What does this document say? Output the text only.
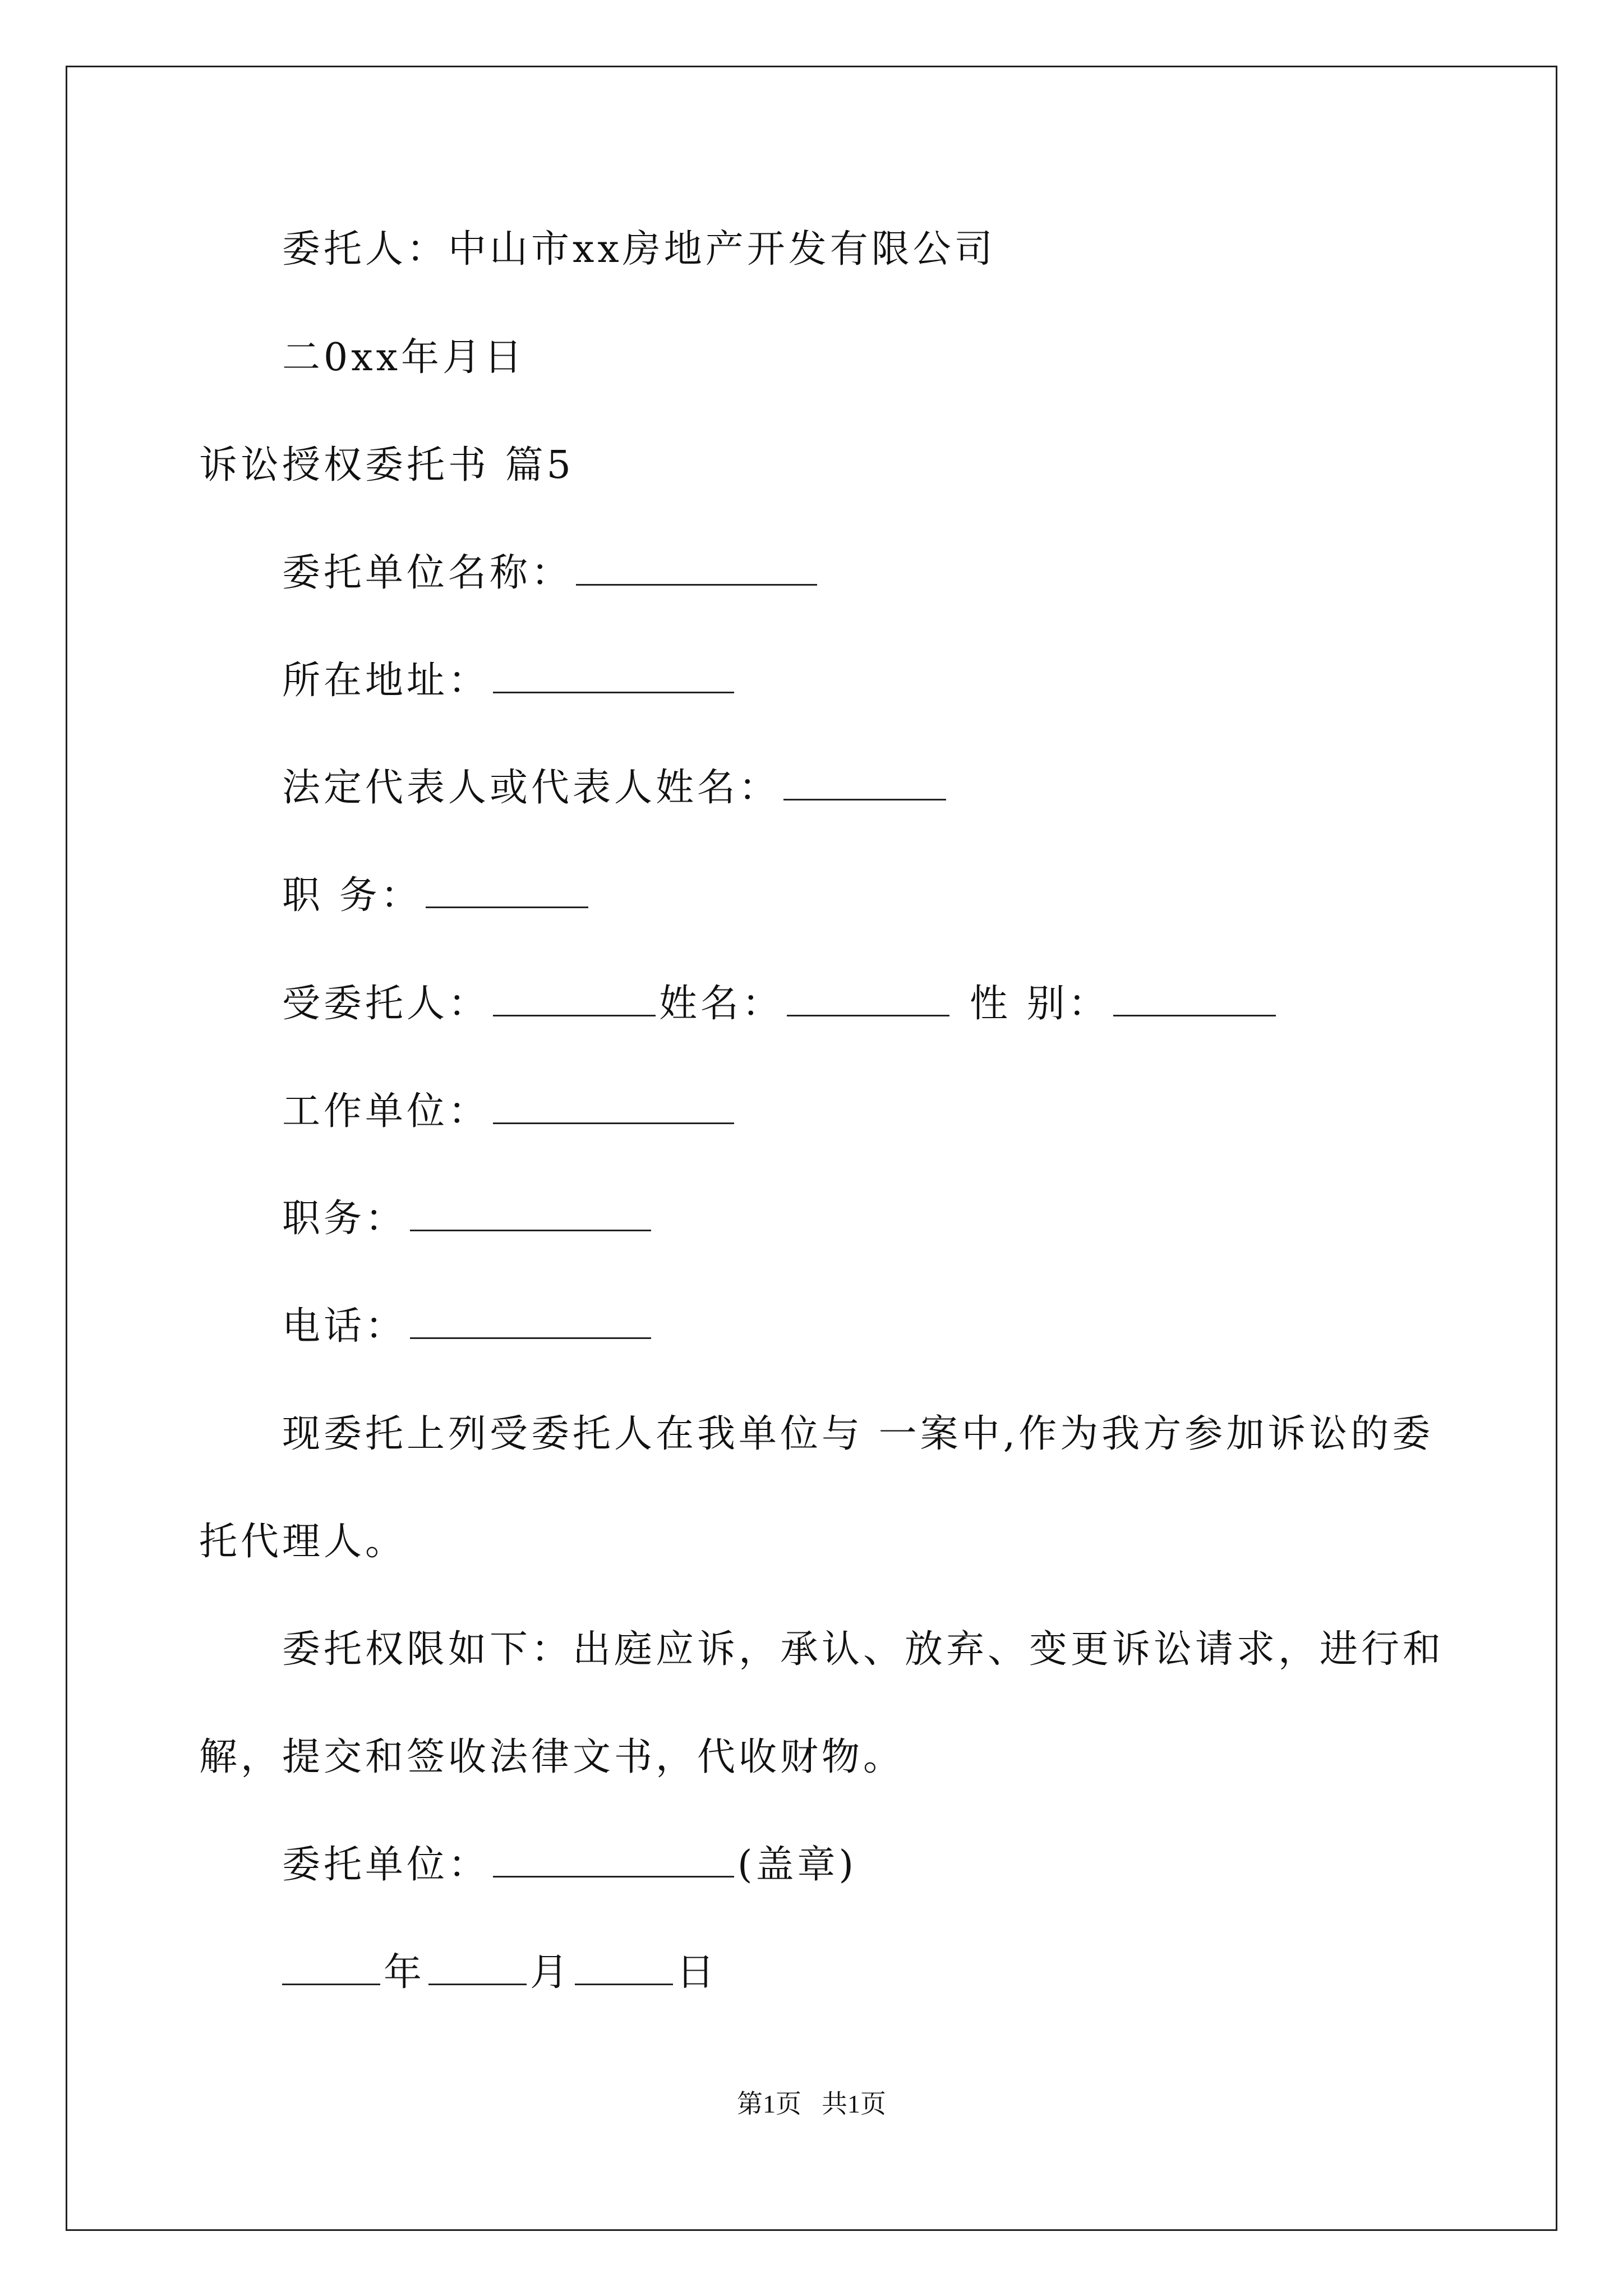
委托人：中山市xx房地产开发有限公司
二0xx年月日
诉讼授权委托书 篇5
委托单位名称：
所在地址：
法定代表人或代表人姓名：
职 务：
受委托人：	姓名：	性 别：
工作单位：
职务：
电话：
现委托上列受委托人在我单位与 一案中,作为我方参加诉讼的委
托代理人。
委托权限如下：出庭应诉，承认、放弃、变更诉讼请求，进行和
解，提交和签收法律文书，代收财物。
委托单位：	(盖章)
年	月	日
第1页 共1页
